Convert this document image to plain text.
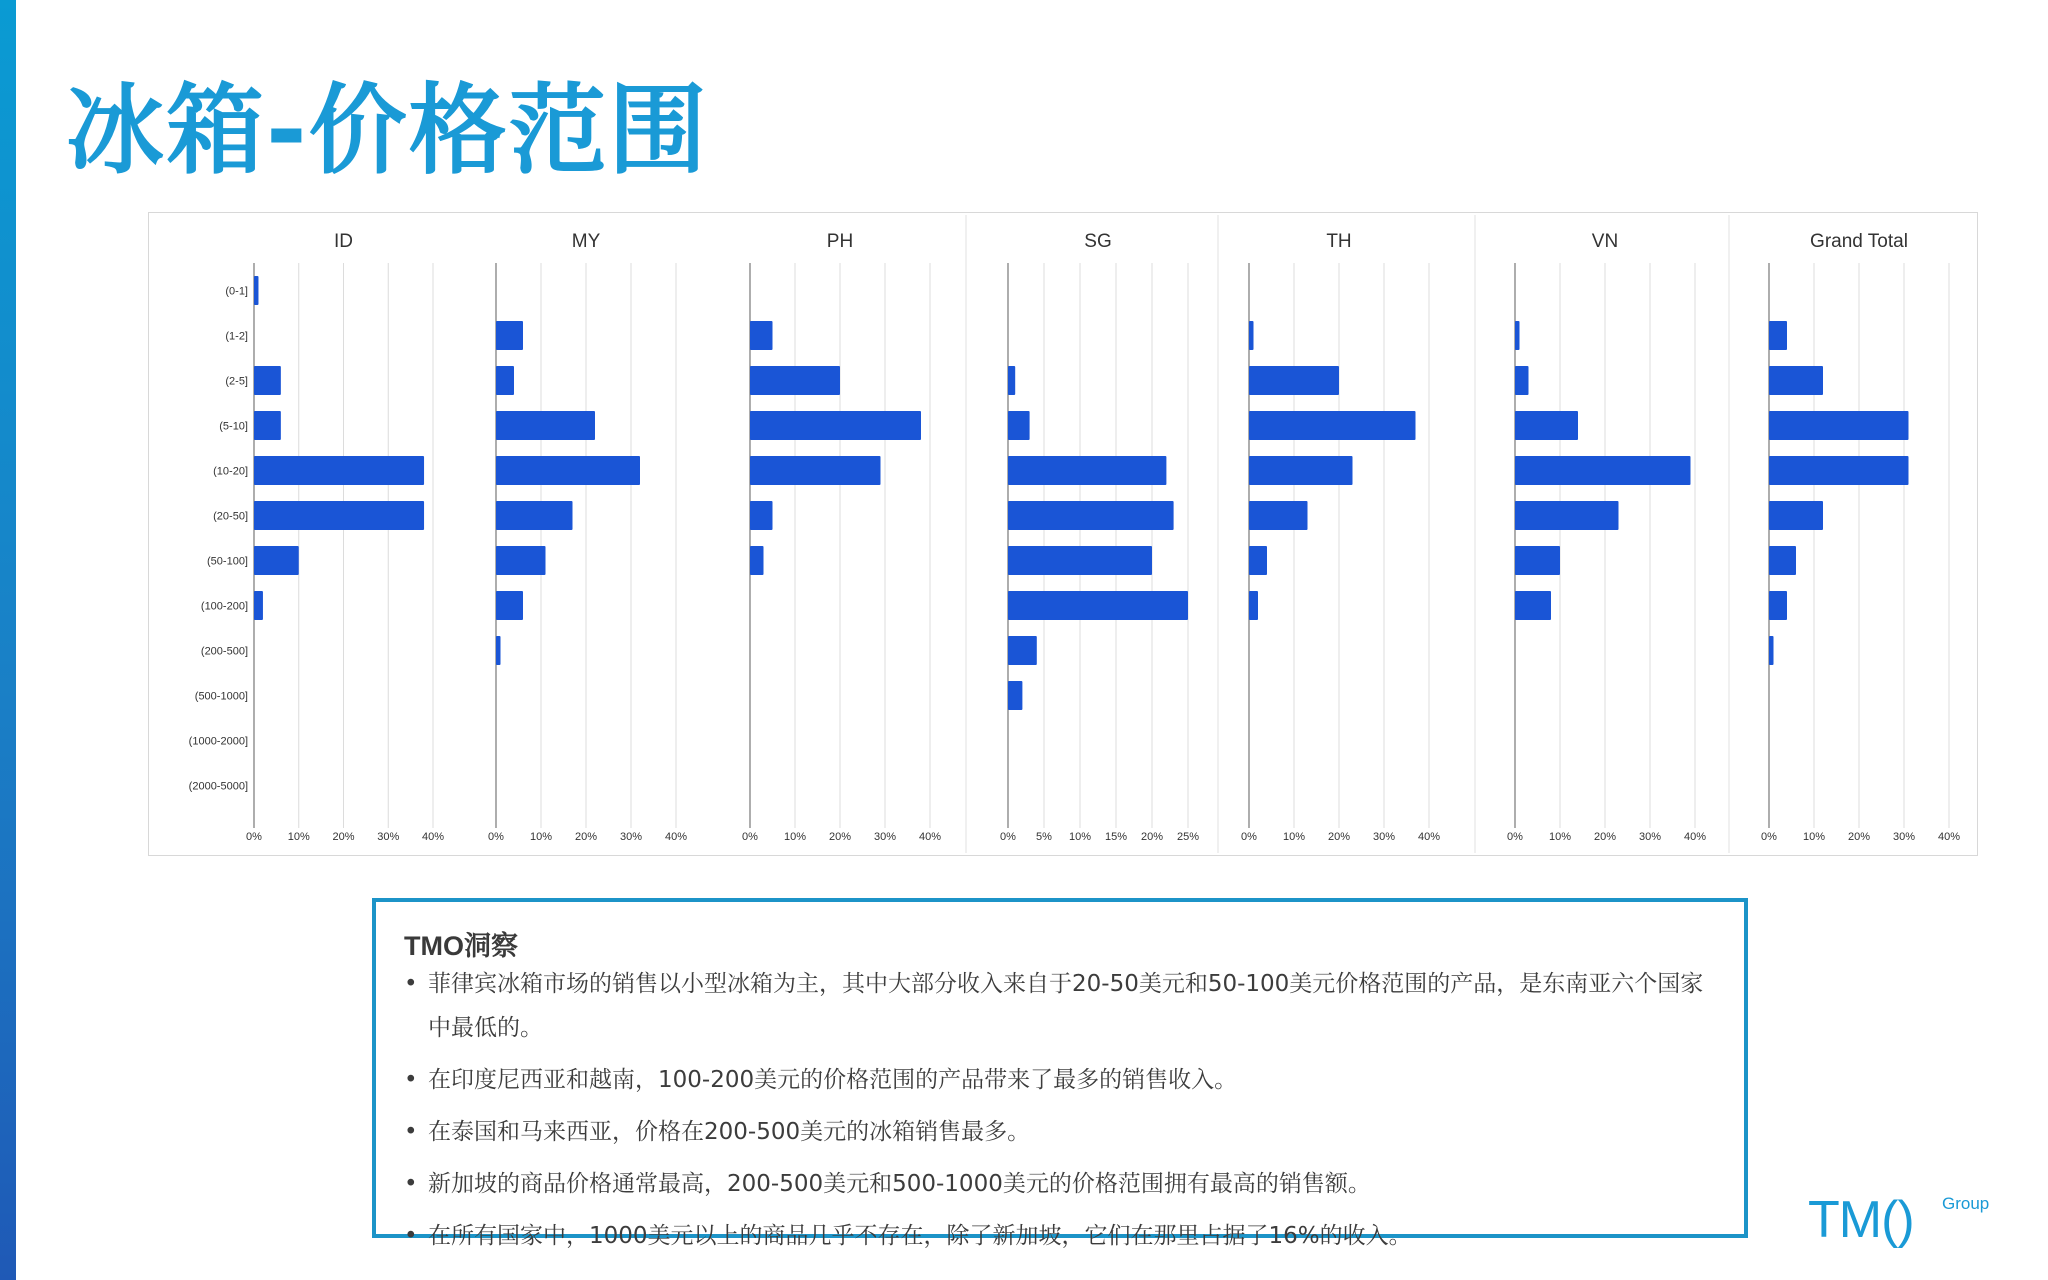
冰箱-价格范围
(0-1]
(1-2]
(2-5]
(5-10]
(10-20]
(20-50]
(50-100]
(100-200]
(200-500]
(500-1000]
(1000-2000]
(2000-5000]
ID
0% 10% 20% 30% 40%
MY
0% 10% 20% 30% 40%
PH
0% 10% 20% 30% 40%
SG
0% 5% 10% 15% 20% 25%
TH
0% 10% 20% 30% 40%
VN
0% 10% 20% 30% 40%
Grand Total
0% 10% 20% 30% 40%
TMO洞察
• 菲律宾冰箱市场的销售以小型冰箱为主，其中大部分收入来自于20-50美元和50-100美元价格范围的产品，是东南亚六个国家中最低的。
• 在印度尼西亚和越南，100-200美元的价格范围的产品带来了最多的销售收入。
• 在泰国和马来西亚，价格在200-500美元的冰箱销售最多。
• 新加坡的商品价格通常最高，200-500美元和500-1000美元的价格范围拥有最高的销售额。
• 在所有国家中，1000美元以上的商品几乎不存在，除了新加坡，它们在那里占据了16%的收入。	TM() Group
